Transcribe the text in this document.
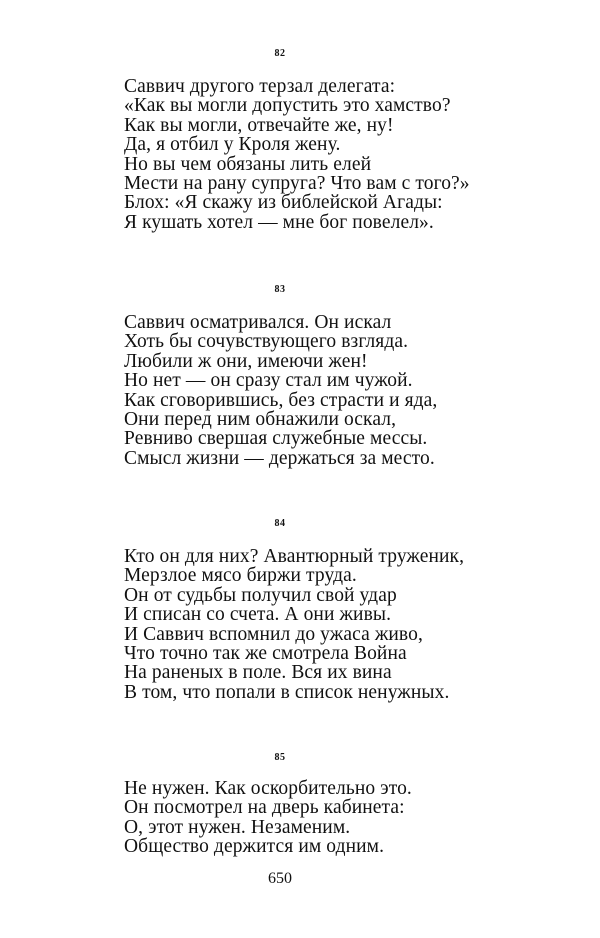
82
Саввич другого терзал делегата:
«Как вы могли допустить это хамство?
Как вы могли, отвечайте же, ну!
Да, я отбил у Кроля жену.
Но вы чем обязаны лить елей
Мести на рану супруга? Что вам с того?»
Блох: «Я скажу из библейской Агады:
Я кушать хотел — мне бог повелел».
83
Саввич осматривался. Он искал
Хоть бы сочувствующего взгляда.
Любили ж они, имеючи жен!
Но нет — он сразу стал им чужой.
Как сговорившись, без страсти и яда,
Они перед ним обнажили оскал,
Ревниво свершая служебные мессы.
Смысл жизни — держаться за место.
84
Кто он для них? Авантюрный труженик,
Мерзлое мясо биржи труда.
Он от судьбы получил свой удар
И списан со счета. А они живы.
И Саввич вспомнил до ужаса живо,
Что точно так же смотрела Война
На раненых в поле. Вся их вина
В том, что попали в список ненужных.
85
Не нужен. Как оскорбительно это.
Он посмотрел на дверь кабинета:
О, этот нужен. Незаменим.
Общество держится им одним.
650
